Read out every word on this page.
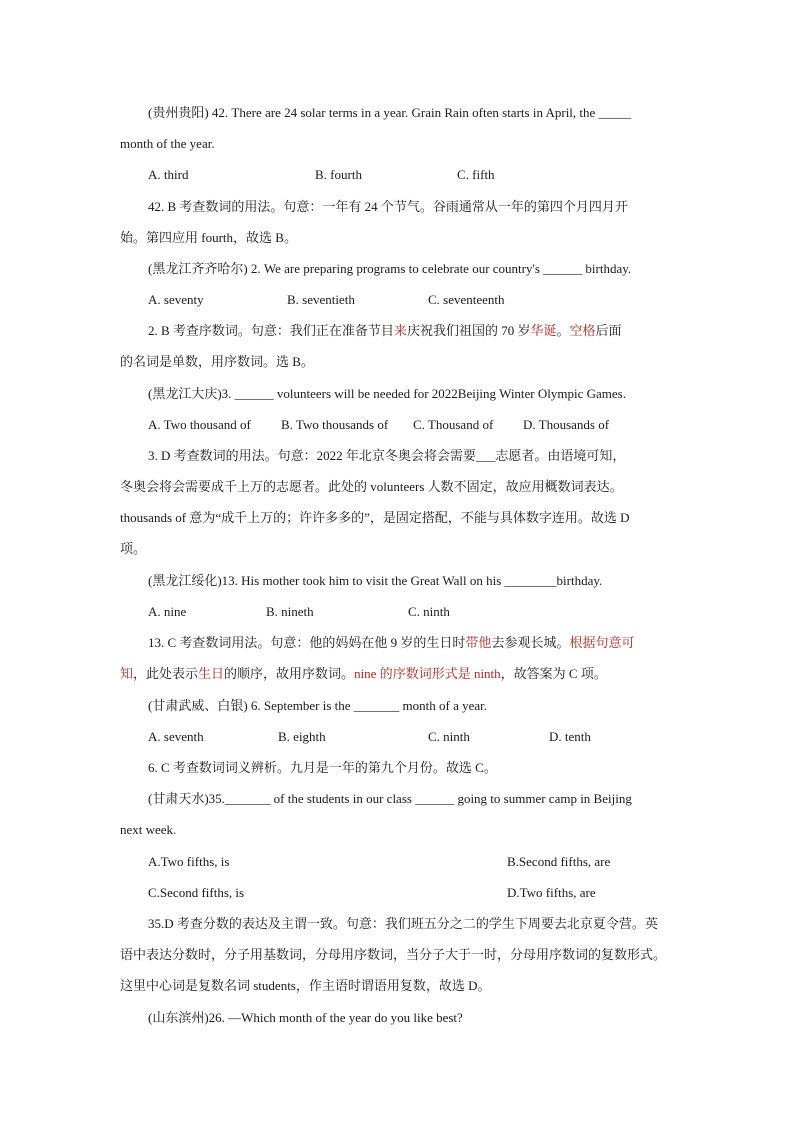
(贵州贵阳) 42. There are 24 solar terms in a year. Grain Rain often starts in April, the _____
month of the year.
A. third	B. fourth	C. fifth
42. B 考查数词的用法。句意：一年有 24 个节气。谷雨通常从一年的第四个月四月开
始。第四应用 fourth，故选 B。
(黑龙江齐齐哈尔) 2. We are preparing programs to celebrate our country's ______ birthday.
A. seventy	B. seventieth	C. seventeenth
2. B 考查序数词。句意：我们正在准备节目来庆祝我们祖国的 70 岁华诞。空格后面
的名词是单数，用序数词。选 B。
(黑龙江大庆)3. ______ volunteers will be needed for 2022Beijing Winter Olympic Games.
A. Two thousand of B. Two thousands of C. Thousand of D. Thousands of
3. D 考查数词的用法。句意：2022 年北京冬奥会将会需要___志愿者。由语境可知，
冬奥会将会需要成千上万的志愿者。此处的 volunteers 人数不固定，故应用概数词表达。
thousands of 意为“成千上万的；许许多多的”，是固定搭配，不能与具体数字连用。故选 D
项。
(黑龙江绥化)13. His mother took him to visit the Great Wall on his ________birthday.
A. nine	B. nineth	C. ninth
13. C 考查数词用法。句意：他的妈妈在他 9 岁的生日时带他去参观长城。根据句意可
知，此处表示生日的顺序，故用序数词。nine 的序数词形式是 ninth，故答案为 C 项。
(甘肃武威、白银) 6. September is the _______ month of a year.
A. seventh	B. eighth	C. ninth	D. tenth
6. C 考查数词词义辨析。九月是一年的第九个月份。故选 C。
(甘肃天水)35._______ of the students in our class ______ going to summer camp in Beijing
next week.
A.Two fifths, is	B.Second fifths, are
C.Second fifths, is	D.Two fifths, are
35.D 考查分数的表达及主谓一致。句意：我们班五分之二的学生下周要去北京夏令营。英
语中表达分数时，分子用基数词，分母用序数词，当分子大于一时，分母用序数词的复数形式。
这里中心词是复数名词 students，作主语时谓语用复数，故选 D。
(山东滨州)26. —Which month of the year do you like best?
